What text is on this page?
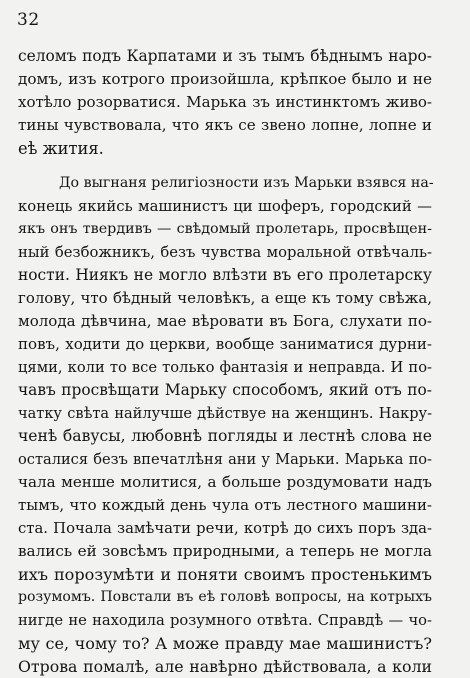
32
селомъ подъ Карпатами и зъ тымъ бѣднымъ наро-
домъ, изъ котрого произойшла, крѣпкое было и не
хотѣло розорватися. Марька зъ инстинктомъ живо-
тины чувствовала, что якъ се звено лопне, лопне и
еѣ жития.
До выгнаня религiозности изъ Марьки взявся на-
конець якийсь машинистъ ци шоферъ, городский —
якъ онъ твердивъ — свѣдомый пролетарь, просвѣщен-
ный безбожникъ, безъ чувства моральной отвѣчаль-
ности. Ниякъ не могло влѣзти въ его пролетарску
голову, что бѣдный человѣкъ, а еще къ тому свѣжа,
молода дѣвчина, мае вѣровати въ Бога, слухати по-
повъ, ходити до церкви, вообще заниматися дурни-
цями, коли то все только фантазiя и неправда. И по-
чавъ просвѣщати Марьку способомъ, який отъ по-
чатку свѣта найлучше дѣйствуе на женщинъ. Накру-
ченѣ бавусы, любовнѣ погляды и лестнѣ слова не
осталися безъ впечатлѣня ани у Марьки. Марька по-
чала менше молитися, а больше роздумовати надъ
тымъ, что кождый день чула отъ лестного машини-
ста. Почала замѣчати речи, котрѣ до сихъ поръ зда-
вались ей зовсѣмъ природными, а теперь не могла
ихъ порозумѣти и поняти своимъ простенькимъ
розумомъ. Повстали въ еѣ головѣ вопросы, на котрыхъ
нигде не находила розумного отвѣта. Справдѣ — чо-
му се, чому то? А може правду мае машинистъ?
Отрова помалѣ, але навѣрно дѣйствовала, а коли
